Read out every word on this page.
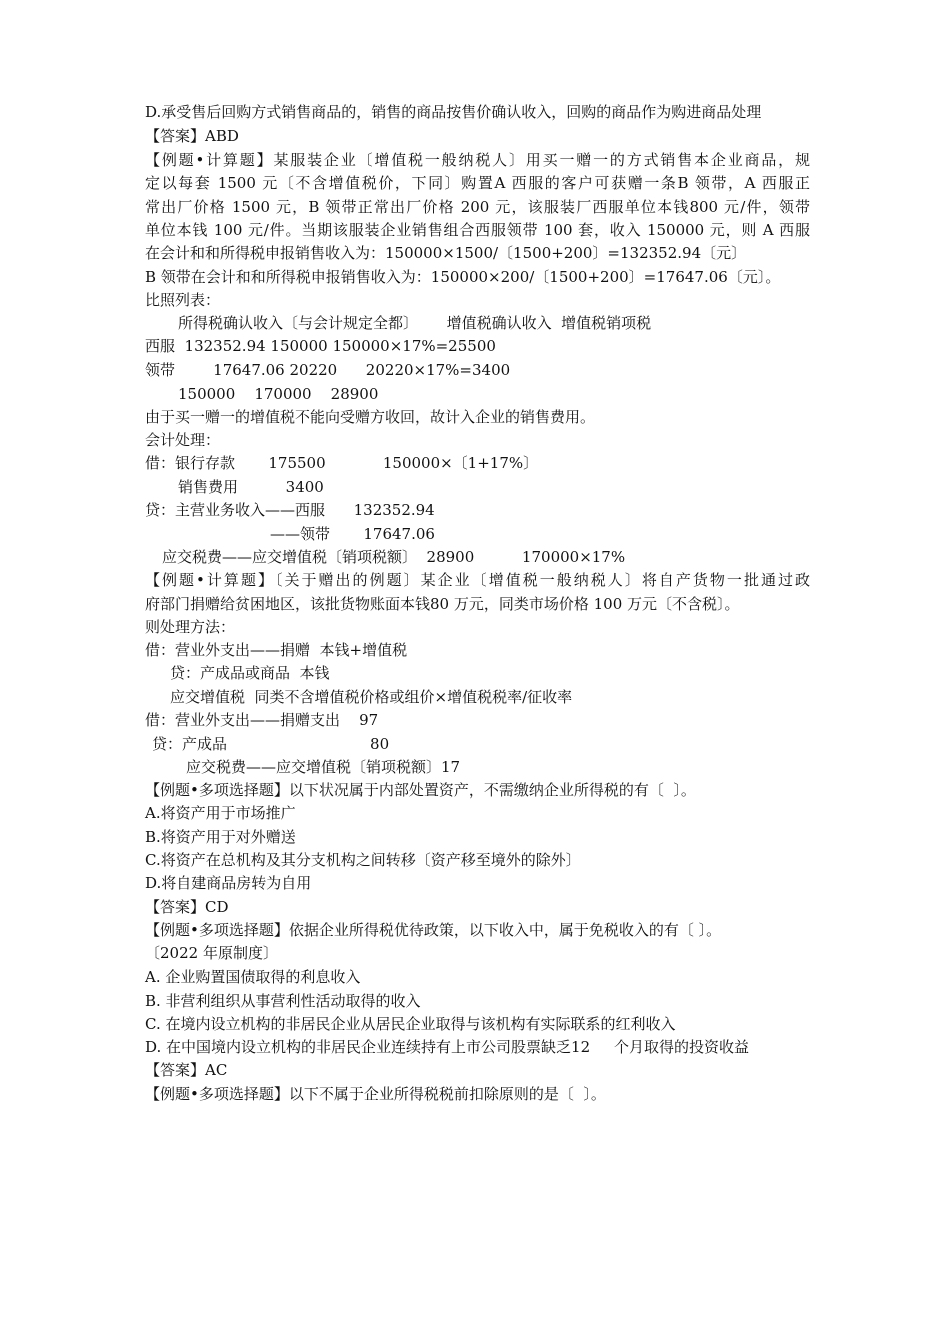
D.承受售后回购方式销售商品的，销售的商品按售价确认收入，回购的商品作为购进商品处理
【答案】ABD
【例题•计算题】某服装企业〔增值税一般纳税人〕用买一赠一的方式销售本企业商品，规
定以每套 1500 元〔不含增值税价，下同〕购置A 西服的客户可获赠一条B 领带，A 西服正
常出厂价格 1500 元，B 领带正常出厂价格 200 元，该服装厂西服单位本钱800 元/件，领带
单位本钱 100 元/件。当期该服装企业销售组合西服领带 100 套，收入 150000 元，则 A 西服
在会计和和所得税申报销售收入为：150000×1500/〔1500+200〕=132352.94〔元〕
B 领带在会计和和所得税申报销售收入为：150000×200/〔1500+200〕=17647.06〔元〕。
比照列表：
所得税确认收入〔与会计规定全都〕      增值税确认收入  增值税销项税
西服  132352.94 150000 150000×17%=25500
领带        17647.06 20220      20220×17%=3400
150000    170000    28900
由于买一赠一的增值税不能向受赠方收回，故计入企业的销售费用。
会计处理：
借：银行存款       175500            150000×〔1+17%〕
销售费用          3400
贷：主营业务收入——西服      132352.94
——领带       17647.06
应交税费——应交增值税〔销项税额〕  28900          170000×17%
【例题•计算题】〔关于赠出的例题〕某企业〔增值税一般纳税人〕将自产货物一批通过政
府部门捐赠给贫困地区，该批货物账面本钱80 万元，同类市场价格 100 万元〔不含税〕。
则处理方法：
借：营业外支出——捐赠  本钱+增值税
贷：产成品或商品  本钱
应交增值税  同类不含增值税价格或组价×增值税税率/征收率
借：营业外支出——捐赠支出    97
贷：产成品                              80
应交税费——应交增值税〔销项税额〕17
【例题•多项选择题】以下状况属于内部处置资产，不需缴纳企业所得税的有〔  〕。
A.将资产用于市场推广
B.将资产用于对外赠送
C.将资产在总机构及其分支机构之间转移〔资产移至境外的除外〕
D.将自建商品房转为自用
【答案】CD
【例题•多项选择题】依据企业所得税优待政策，以下收入中，属于免税收入的有〔 〕。
〔2022 年原制度〕
A. 企业购置国债取得的利息收入
B. 非营利组织从事营利性活动取得的收入
C. 在境内设立机构的非居民企业从居民企业取得与该机构有实际联系的红利收入
D. 在中国境内设立机构的非居民企业连续持有上市公司股票缺乏12     个月取得的投资收益
【答案】AC
【例题•多项选择题】以下不属于企业所得税税前扣除原则的是〔  〕。
